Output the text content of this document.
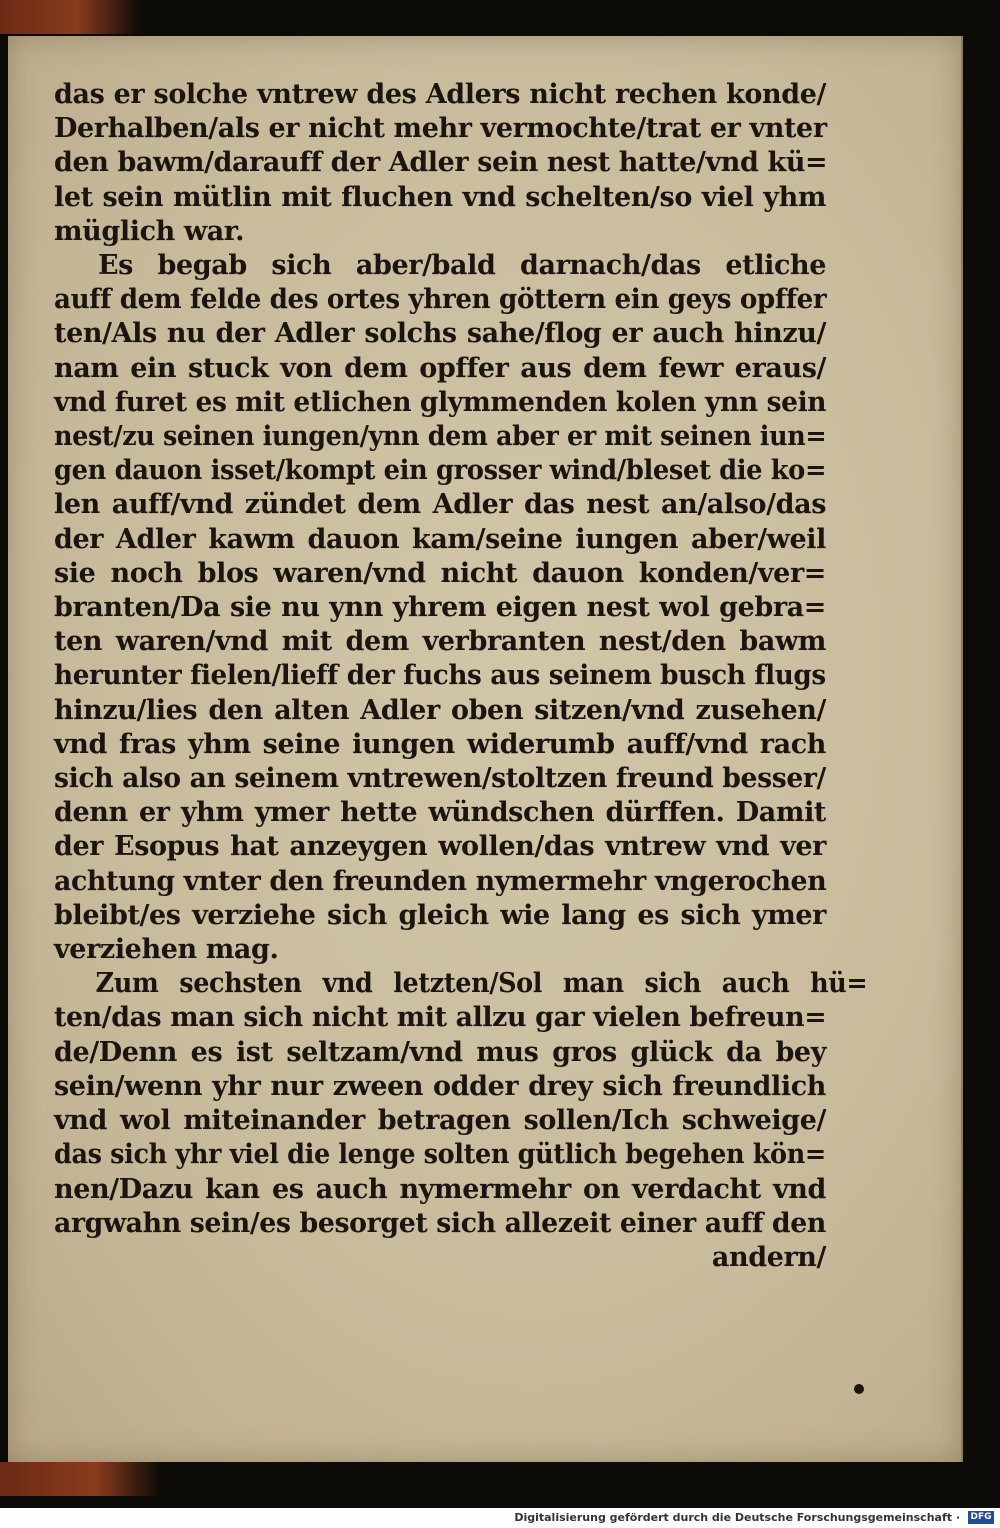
das er solche vntrew des Adlers nicht rechen konde/
Derhalben/als er nicht mehr vermochte/trat er vnter
den bawm/darauff der Adler sein nest hatte/vnd kü=
let sein mütlin mit fluchen vnd schelten/so viel yhm
müglich war.
Es begab sich aber/bald darnach/das etliche
auff dem felde des ortes yhren göttern ein geys opffer
ten/Als nu der Adler solchs sahe/flog er auch hinzu/
nam ein stuck von dem opffer aus dem fewr eraus/
vnd furet es mit etlichen glymmenden kolen ynn sein
nest/zu seinen iungen/ynn dem aber er mit seinen iun=
gen dauon isset/kompt ein grosser wind/bleset die ko=
len auff/vnd zündet dem Adler das nest an/also/das
der Adler kawm dauon kam/seine iungen aber/weil
sie noch blos waren/vnd nicht dauon konden/ver=
branten/Da sie nu ynn yhrem eigen nest wol gebra=
ten waren/vnd mit dem verbranten nest/den bawm
herunter fielen/lieff der fuchs aus seinem busch flugs
hinzu/lies den alten Adler oben sitzen/vnd zusehen/
vnd fras yhm seine iungen widerumb auff/vnd rach
sich also an seinem vntrewen/stoltzen freund besser/
denn er yhm ymer hette wündschen dürffen. Damit
der Esopus hat anzeygen wollen/das vntrew vnd ver
achtung vnter den freunden nymermehr vngerochen
bleibt/es verziehe sich gleich wie lang es sich ymer
verziehen mag.
Zum sechsten vnd letzten/Sol man sich auch hü=
ten/das man sich nicht mit allzu gar vielen befreun=
de/Denn es ist seltzam/vnd mus gros glück da bey
sein/wenn yhr nur zween odder drey sich freundlich
vnd wol miteinander betragen sollen/Ich schweige/
das sich yhr viel die lenge solten gütlich begehen kön=
nen/Dazu kan es auch nymermehr on verdacht vnd
argwahn sein/es besorget sich allezeit einer auff den
andern/
Digitalisierung gefördert durch die Deutsche Forschungsgemeinschaft · DFG
